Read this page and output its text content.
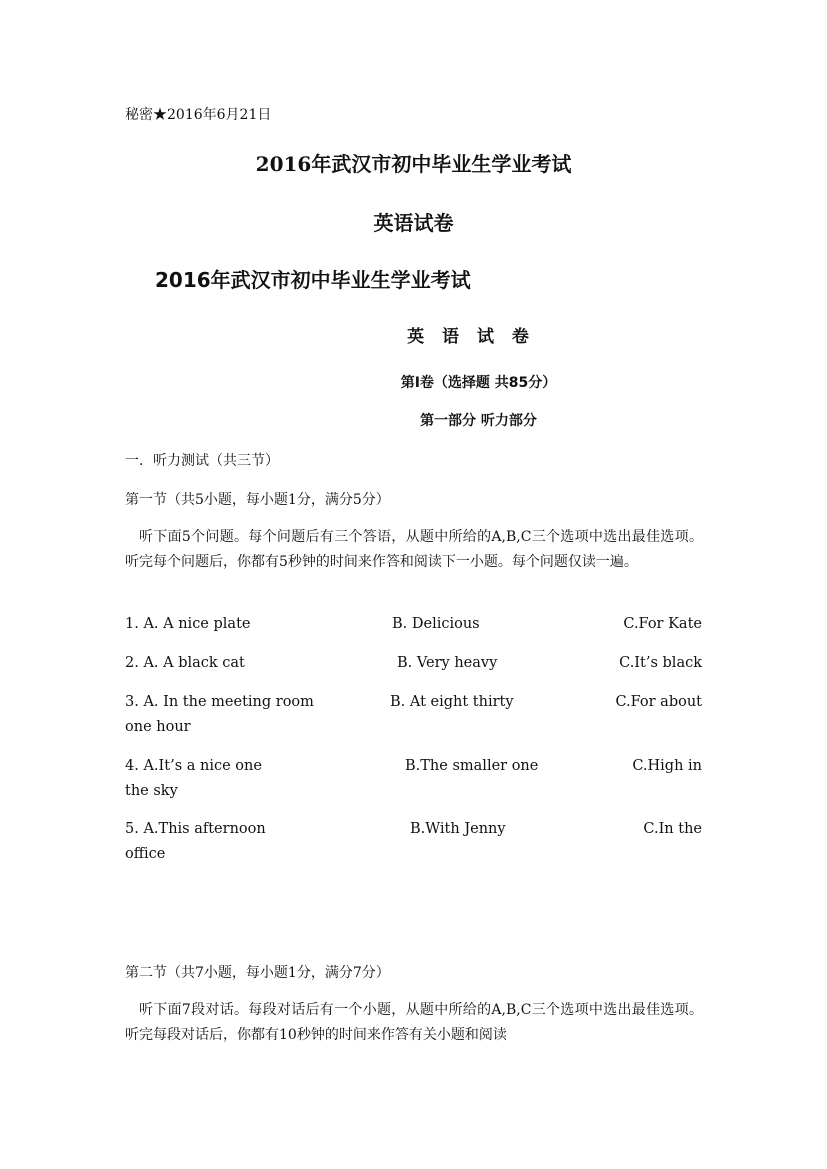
秘密★2016年6月21日
2016年武汉市初中毕业生学业考试
英语试卷
2016年武汉市初中毕业生学业考试
英 语 试 卷
第Ⅰ卷（选择题 共85分）
第一部分 听力部分
一．听力测试（共三节）
第一节（共5小题，每小题1分，满分5分）
听下面5个问题。每个问题后有三个答语，从题中所给的A,B,C三个选项中选出最佳选项。听完每个问题后，你都有5秒钟的时间来作答和阅读下一小题。每个问题仅读一遍。
1. A. A nice plate	B. Delicious	C.For Kate
2. A. A black cat	B. Very heavy	C.It’s black
3. A. In the meeting room	B. At eight thirty	C.For about
one hour
4. A.It’s a nice one	B.The smaller one	C.High in
the sky
5. A.This afternoon	B.With Jenny	C.In the
office
第二节（共7小题，每小题1分，满分7分）
听下面7段对话。每段对话后有一个小题，从题中所给的A,B,C三个选项中选出最佳选项。听完每段对话后，你都有10秒钟的时间来作答有关小题和阅读
